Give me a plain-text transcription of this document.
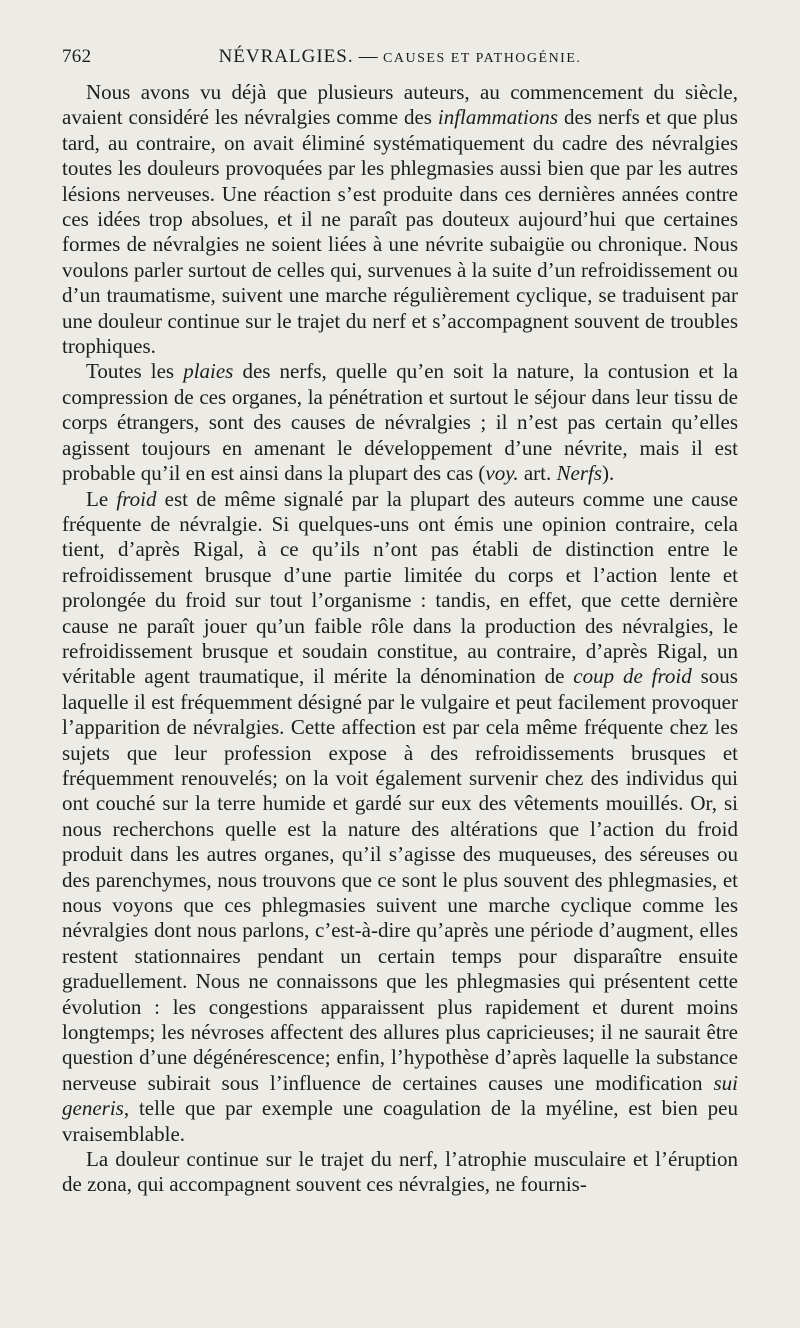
762	NÉVRALGIES. — CAUSES ET PATHOGÉNIE.

Nous avons vu déjà que plusieurs auteurs, au commencement du siècle, avaient considéré les névralgies comme des inflammations des nerfs et que plus tard, au contraire, on avait éliminé systématiquement du cadre des névralgies toutes les douleurs provoquées par les phlegmasies aussi bien que par les autres lésions nerveuses. Une réaction s’est produite dans ces dernières années contre ces idées trop absolues, et il ne paraît pas douteux aujourd’hui que certaines formes de névralgies ne soient liées à une névrite subaigüe ou chronique. Nous voulons parler surtout de celles qui, survenues à la suite d’un refroidissement ou d’un traumatisme, suivent une marche régulièrement cyclique, se traduisent par une douleur continue sur le trajet du nerf et s’accompagnent souvent de troubles trophiques.

Toutes les plaies des nerfs, quelle qu’en soit la nature, la contusion et la compression de ces organes, la pénétration et surtout le séjour dans leur tissu de corps étrangers, sont des causes de névralgies ; il n’est pas certain qu’elles agissent toujours en amenant le développement d’une névrite, mais il est probable qu’il en est ainsi dans la plupart des cas (voy. art. Nerfs).

Le froid est de même signalé par la plupart des auteurs comme une cause fréquente de névralgie. Si quelques-uns ont émis une opinion contraire, cela tient, d’après Rigal, à ce qu’ils n’ont pas établi de distinction entre le refroidissement brusque d’une partie limitée du corps et l’action lente et prolongée du froid sur tout l’organisme : tandis, en effet, que cette dernière cause ne paraît jouer qu’un faible rôle dans la production des névralgies, le refroidissement brusque et soudain constitue, au contraire, d’après Rigal, un véritable agent traumatique, il mérite la dénomination de coup de froid sous laquelle il est fréquemment désigné par le vulgaire et peut facilement provoquer l’apparition de névralgies. Cette affection est par cela même fréquente chez les sujets que leur profession expose à des refroidissements brusques et fréquemment renouvelés; on la voit également survenir chez des individus qui ont couché sur la terre humide et gardé sur eux des vêtements mouillés. Or, si nous recherchons quelle est la nature des altérations que l’action du froid produit dans les autres organes, qu’il s’agisse des muqueuses, des séreuses ou des parenchymes, nous trouvons que ce sont le plus souvent des phlegmasies, et nous voyons que ces phlegmasies suivent une marche cyclique comme les névralgies dont nous parlons, c’est-à-dire qu’après une période d’augment, elles restent stationnaires pendant un certain temps pour disparaître ensuite graduellement. Nous ne connaissons que les phlegmasies qui présentent cette évolution : les congestions apparaissent plus rapidement et durent moins longtemps; les névroses affectent des allures plus capricieuses; il ne saurait être question d’une dégénérescence; enfin, l’hypothèse d’après laquelle la substance nerveuse subirait sous l’influence de certaines causes une modification sui generis, telle que par exemple une coagulation de la myéline, est bien peu vraisemblable.

La douleur continue sur le trajet du nerf, l’atrophie musculaire et l’éruption de zona, qui accompagnent souvent ces névralgies, ne fournis-
